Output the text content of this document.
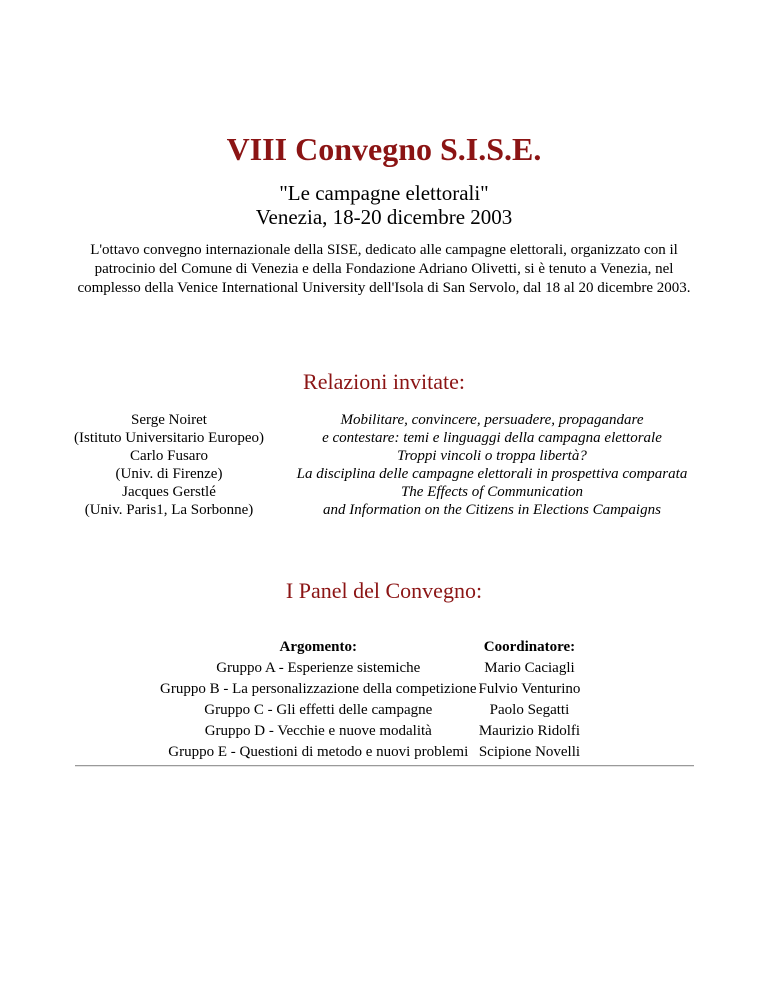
VIII Convegno S.I.S.E.
"Le campagne elettorali"
Venezia, 18-20 dicembre 2003

L'ottavo convegno internazionale della SISE, dedicato alle campagne elettorali, organizzato con il patrocinio del Comune di Venezia e della Fondazione Adriano Olivetti, si è tenuto a Venezia, nel complesso della Venice International University dell'Isola di San Servolo, dal 18 al 20 dicembre 2003.

Relazioni invitate:
Serge Noiret	Mobilitare, convincere, persuadere, propagandare
(Istituto Universitario Europeo)	e contestare: temi e linguaggi della campagna elettorale
Carlo Fusaro	Troppi vincoli o troppa libertà?
(Univ. di Firenze)	La disciplina delle campagne elettorali in prospettiva comparata
Jacques Gerstlé	The Effects of Communication
(Univ. Paris1, La Sorbonne)	and Information on the Citizens in Elections Campaigns
I Panel del Convegno:
Argomento:	Coordinatore:
Gruppo A - Esperienze sistemiche	Mario Caciagli
Gruppo B - La personalizzazione della competizione	Fulvio Venturino
Gruppo C - Gli effetti delle campagne	Paolo Segatti
Gruppo D - Vecchie e nuove modalità	Maurizio Ridolfi
Gruppo E - Questioni di metodo e nuovi problemi	Scipione Novelli
